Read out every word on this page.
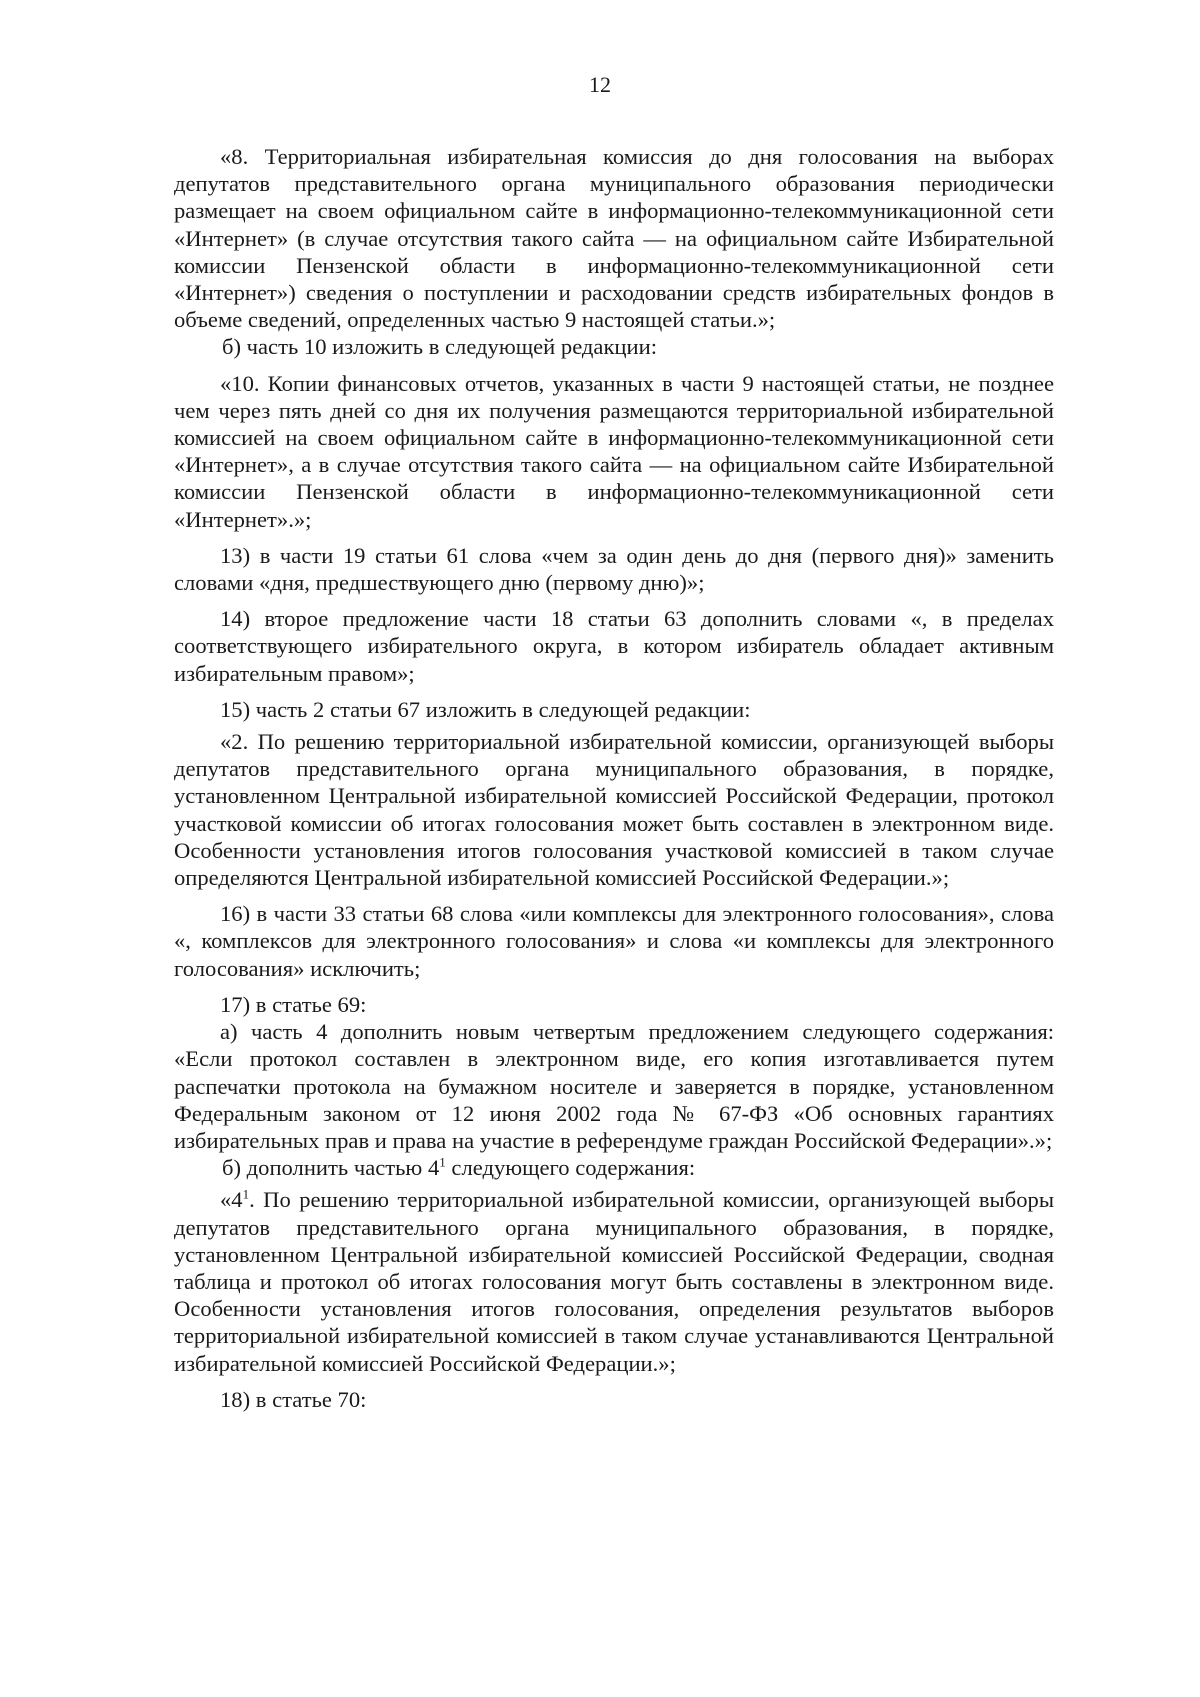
12

«8. Территориальная избирательная комиссия до дня голосования на выборах депутатов представительного органа муниципального образования периодически размещает на своем официальном сайте в информационно-телекоммуникационной сети «Интернет» (в случае отсутствия такого сайта — на официальном сайте Избирательной комиссии Пензенской области в информационно-телекоммуникационной сети «Интернет») сведения о поступлении и расходовании средств избирательных фондов в объеме сведений, определенных частью 9 настоящей статьи.»;

б) часть 10 изложить в следующей редакции:

«10. Копии финансовых отчетов, указанных в части 9 настоящей статьи, не позднее чем через пять дней со дня их получения размещаются территориальной избирательной комиссией на своем официальном сайте в информационно-телекоммуникационной сети «Интернет», а в случае отсутствия такого сайта — на официальном сайте Избирательной комиссии Пензенской области в информационно-телекоммуникационной сети «Интернет».»;

13) в части 19 статьи 61 слова «чем за один день до дня (первого дня)» заменить словами «дня, предшествующего дню (первому дню)»;

14) второе предложение части 18 статьи 63 дополнить словами «, в пределах соответствующего избирательного округа, в котором избиратель обладает активным избирательным правом»;

15) часть 2 статьи 67 изложить в следующей редакции:

«2. По решению территориальной избирательной комиссии, организующей выборы депутатов представительного органа муниципального образования, в порядке, установленном Центральной избирательной комиссией Российской Федерации, протокол участковой комиссии об итогах голосования может быть составлен в электронном виде. Особенности установления итогов голосования участковой комиссией в таком случае определяются Центральной избирательной комиссией Российской Федерации.»;

16) в части 33 статьи 68 слова «или комплексы для электронного голосования», слова «, комплексов для электронного голосования» и слова «и комплексы для электронного голосования» исключить;

17) в статье 69:

а) часть 4 дополнить новым четвертым предложением следующего содержания: «Если протокол составлен в электронном виде, его копия изготавливается путем распечатки протокола на бумажном носителе и заверяется в порядке, установленном Федеральным законом от 12 июня 2002 года № 67-ФЗ «Об основных гарантиях избирательных прав и права на участие в референдуме граждан Российской Федерации».»;

б) дополнить частью $4^1$ следующего содержания:

«$4^1$. По решению территориальной избирательной комиссии, организующей выборы депутатов представительного органа муниципального образования, в порядке, установленном Центральной избирательной комиссией Российской Федерации, сводная таблица и протокол об итогах голосования могут быть составлены в электронном виде. Особенности установления итогов голосования, определения результатов выборов территориальной избирательной комиссией в таком случае устанавливаются Центральной избирательной комиссией Российской Федерации.»;

18) в статье 70:
